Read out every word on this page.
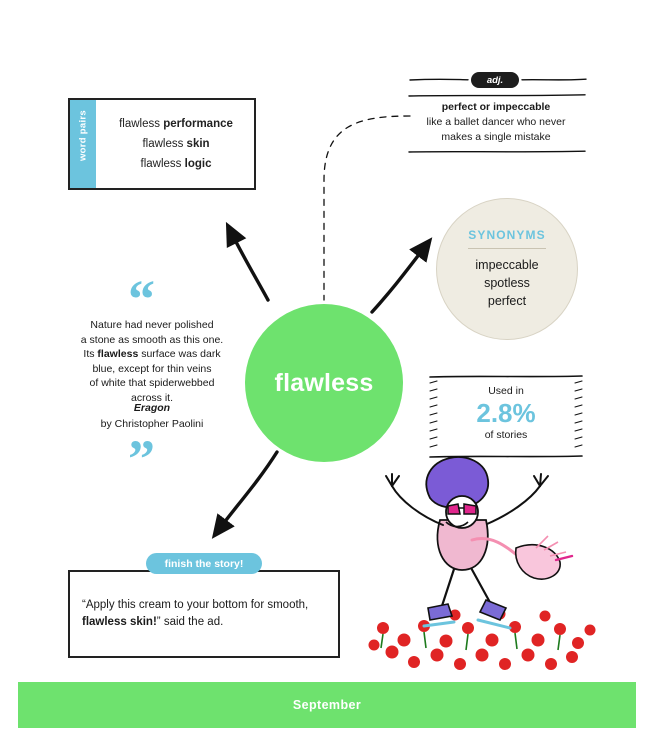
word pairs	flawless performance
flawless skin
flawless logic
adj.
perfect or impeccable
like a ballet dancer who never
makes a single mistake
SYNONYMS
impeccable
spotless
perfect
Used in
2.8%
of stories
“
”
Nature had never polished
a stone as smooth as this one.
Its flawless surface was dark
blue, except for thin veins
of white that spiderwebbed
across it.
Eragon
by Christopher Paolini
flawless
finish the story!
“Apply this cream to your bottom for smooth, flawless skin!” said the ad.
September
